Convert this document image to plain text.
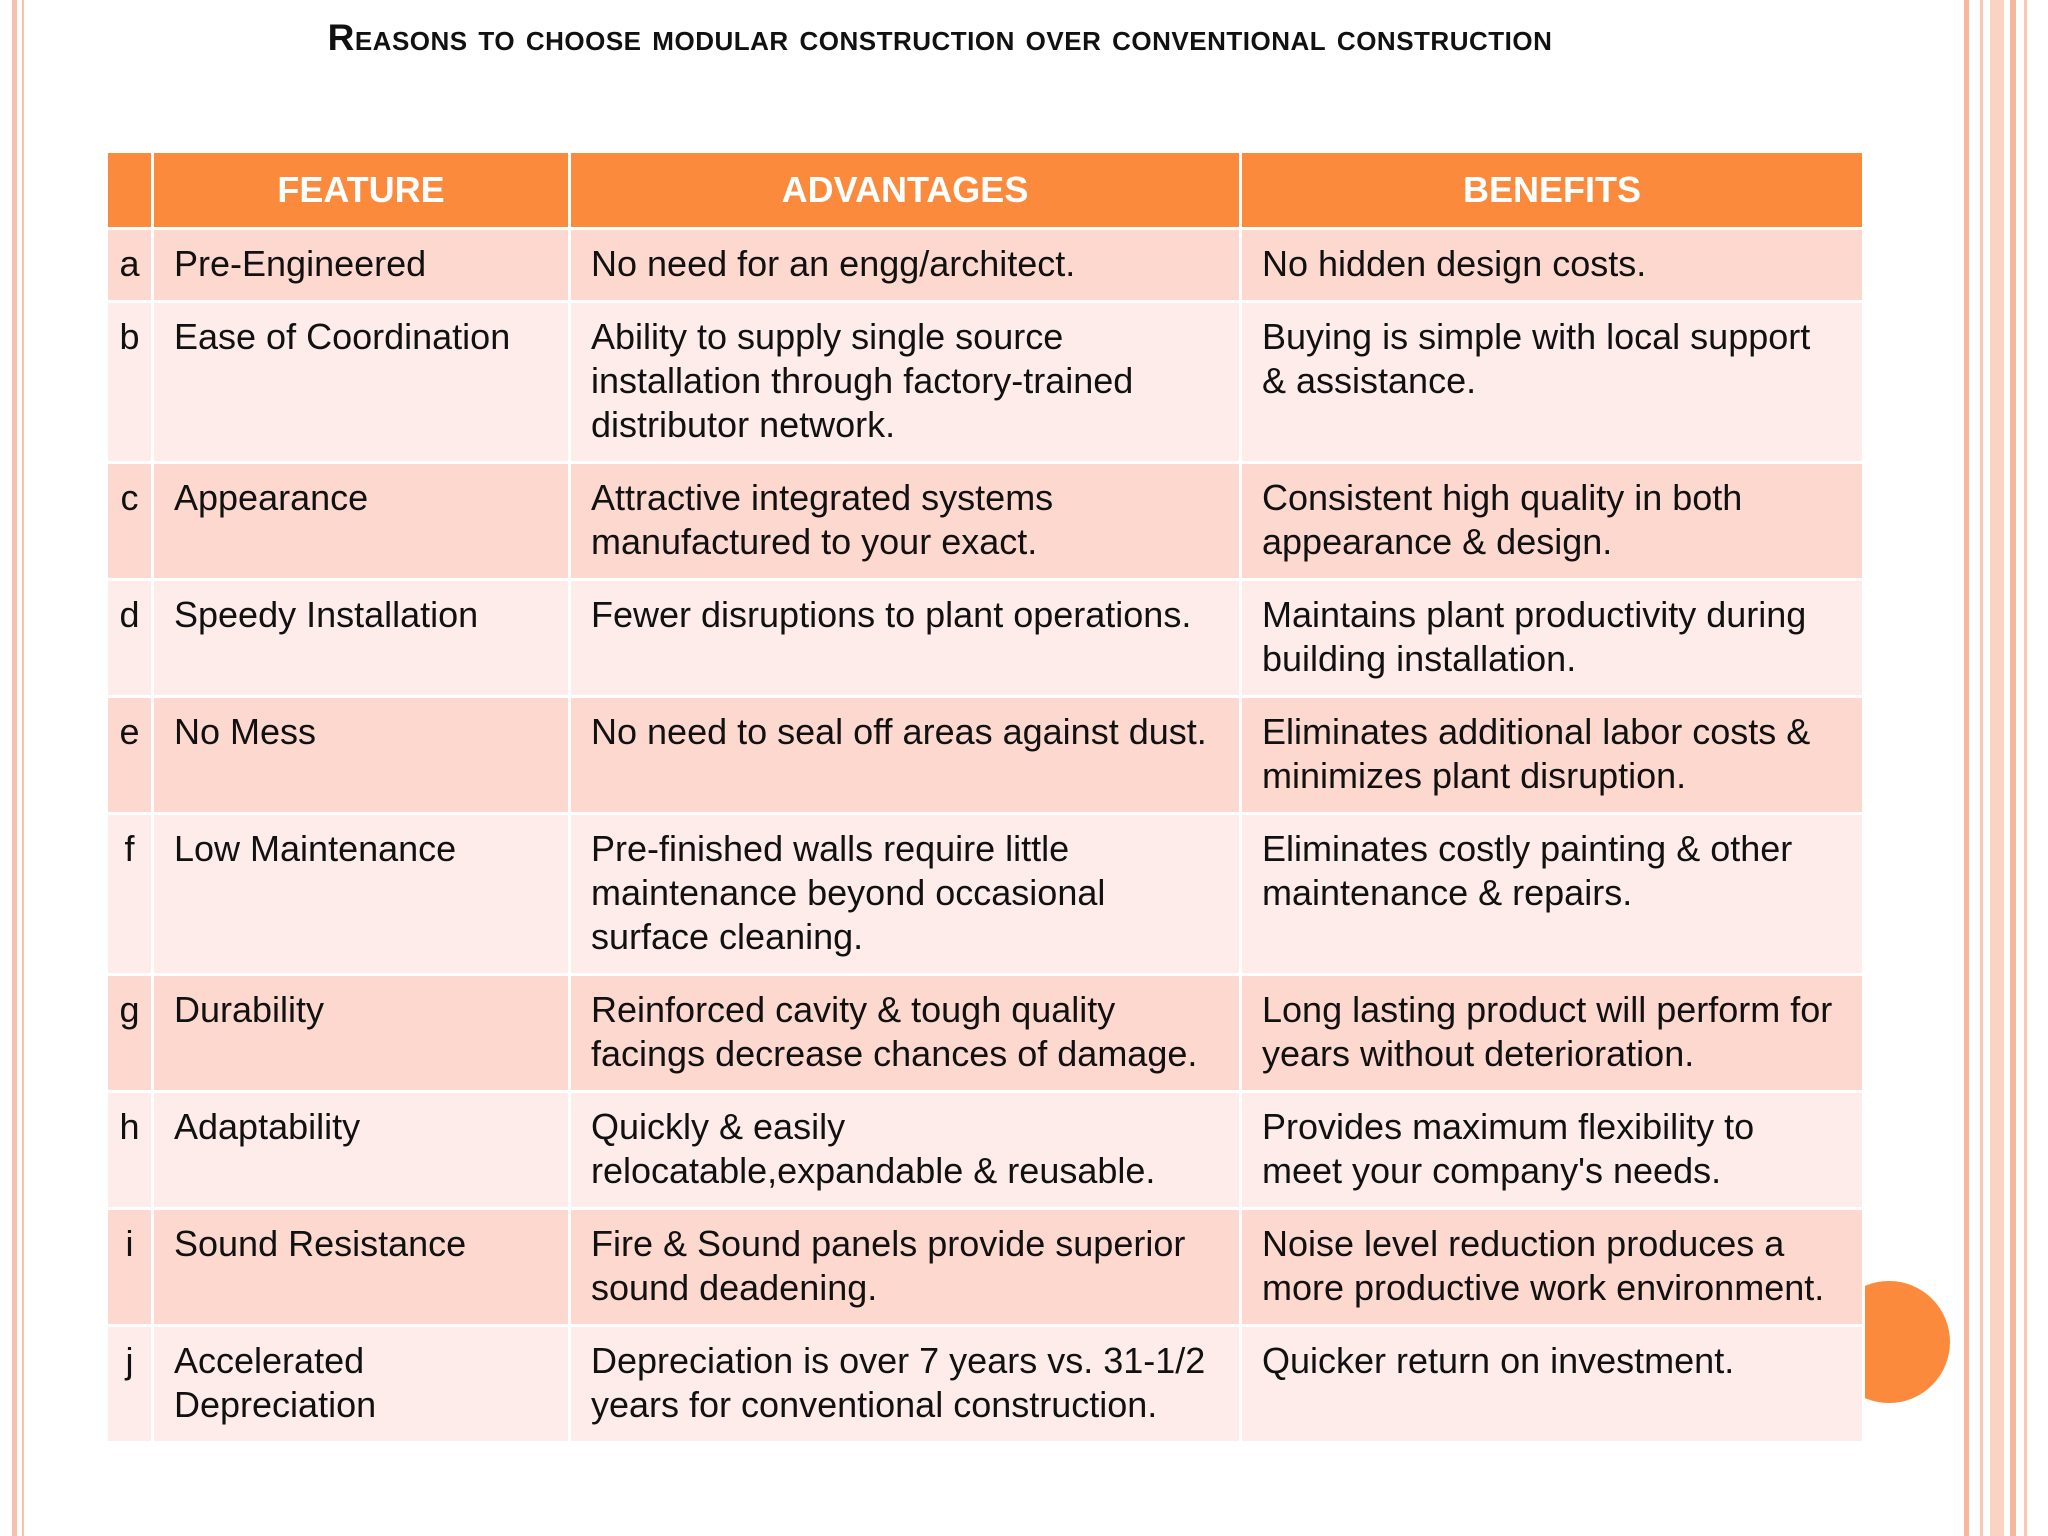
Reasons to choose modular construction over conventional construction
	FEATURE	ADVANTAGES	BENEFITS
a	Pre-Engineered	No need for an engg/architect.	No hidden design costs.
b	Ease of Coordination	Ability to supply single source installation through factory-trained distributor network.	Buying is simple with local support & assistance.
c	Appearance	Attractive integrated systems manufactured to your exact.	Consistent high quality in both appearance & design.
d	Speedy Installation	Fewer disruptions to plant operations.	Maintains plant productivity during building installation.
e	No Mess	No need to seal off areas against dust.	Eliminates additional labor costs & minimizes plant disruption.
f	Low Maintenance	Pre-finished walls require little maintenance beyond occasional surface cleaning.	Eliminates costly painting & other maintenance & repairs.
g	Durability	Reinforced cavity & tough quality facings decrease chances of damage.	Long lasting product will perform for years without deterioration.
h	Adaptability	Quickly & easily relocatable,expandable & reusable.	Provides maximum flexibility to meet your company's needs.
i	Sound Resistance	Fire & Sound panels provide superior sound deadening.	Noise level reduction produces a more productive work environment.
j	Accelerated Depreciation	Depreciation is over 7 years vs. 31-1/2 years for conventional construction.	Quicker return on investment.
